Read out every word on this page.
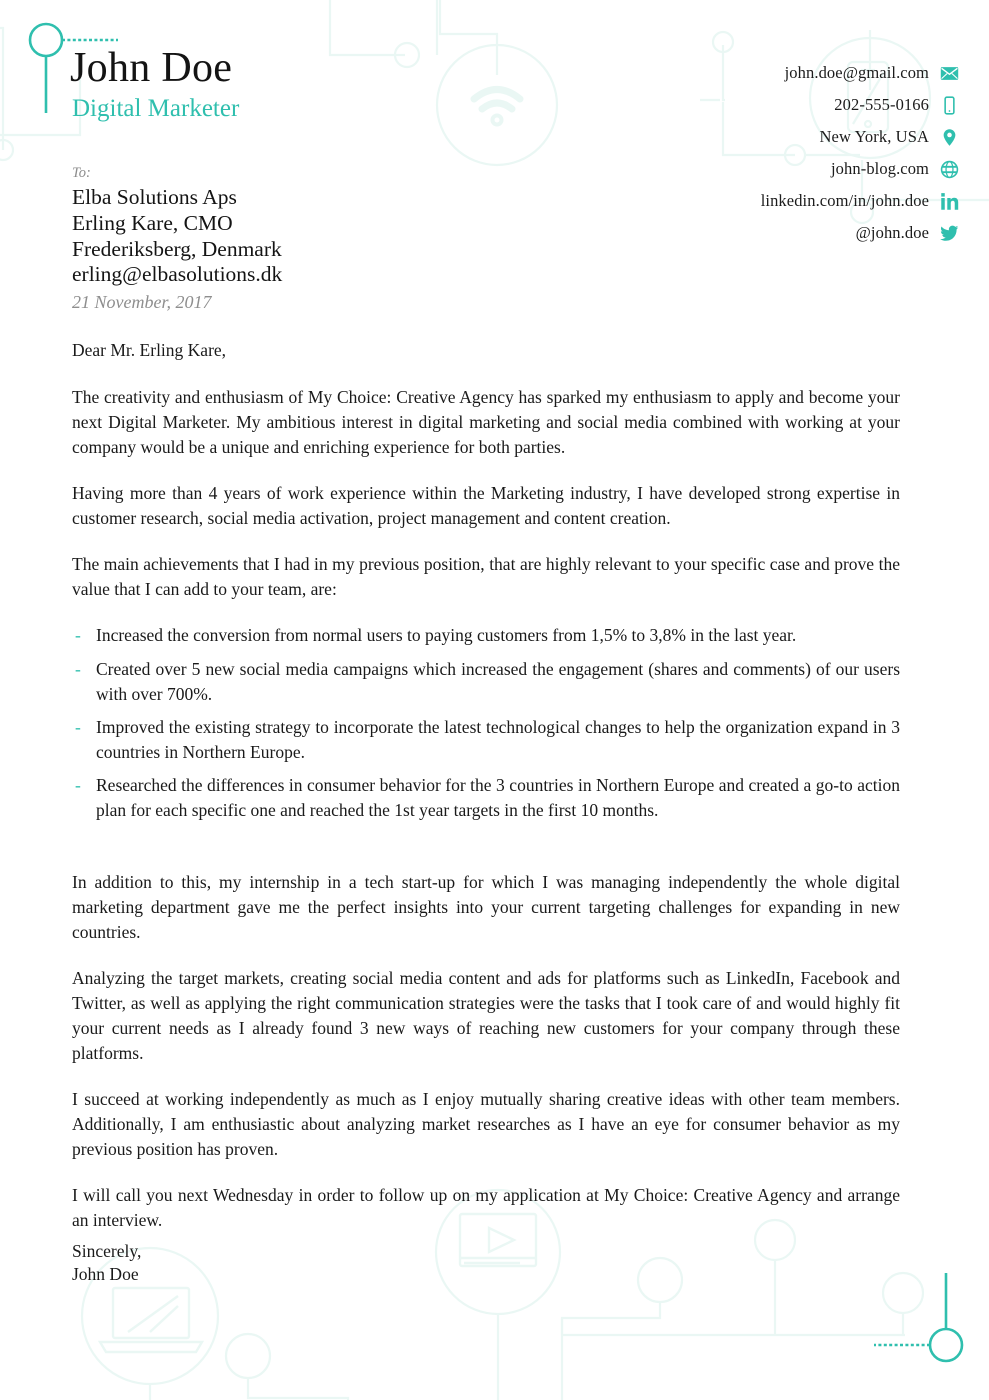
John Doe
Digital Marketer
john.doe@gmail.com
202-555-0166
New York, USA
john-blog.com
linkedin.com/in/john.doe
@john.doe
To:
Elba Solutions Aps
Erling Kare, CMO
Frederiksberg, Denmark
erling@elbasolutions.dk
21 November, 2017
Dear Mr. Erling Kare,

The creativity and enthusiasm of My Choice: Creative Agency has sparked my enthusiasm to apply and become your next Digital Marketer. My ambitious interest in digital marketing and social media combined with working at your company would be a unique and enriching experience for both parties.

Having more than 4 years of work experience within the Marketing industry, I have developed strong expertise in customer research, social media activation, project management and content creation.

The main achievements that I had in my previous position, that are highly relevant to your specific case and prove the value that I can add to your team, are:

- Increased the conversion from normal users to paying customers from 1,5% to 3,8% in the last year.
- Created over 5 new social media campaigns which increased the engagement (shares and comments) of our users with over 700%.
- Improved the existing strategy to incorporate the latest technological changes to help the organization expand in 3 countries in Northern Europe.
- Researched the differences in consumer behavior for the 3 countries in Northern Europe and created a go-to action plan for each specific one and reached the 1st year targets in the first 10 months.

In addition to this, my internship in a tech start-up for which I was managing independently the whole digital marketing department gave me the perfect insights into your current targeting challenges for expanding in new countries.

Analyzing the target markets, creating social media content and ads for platforms such as LinkedIn, Facebook and Twitter, as well as applying the right communication strategies were the tasks that I took care of and would highly fit your current needs as I already found 3 new ways of reaching new customers for your company through these platforms.

I succeed at working independently as much as I enjoy mutually sharing creative ideas with other team members. Additionally, I am enthusiastic about analyzing market researches as I have an eye for consumer behavior as my previous position has proven.

I will call you next Wednesday in order to follow up on my application at My Choice: Creative Agency and arrange an interview.

Sincerely,
John Doe
